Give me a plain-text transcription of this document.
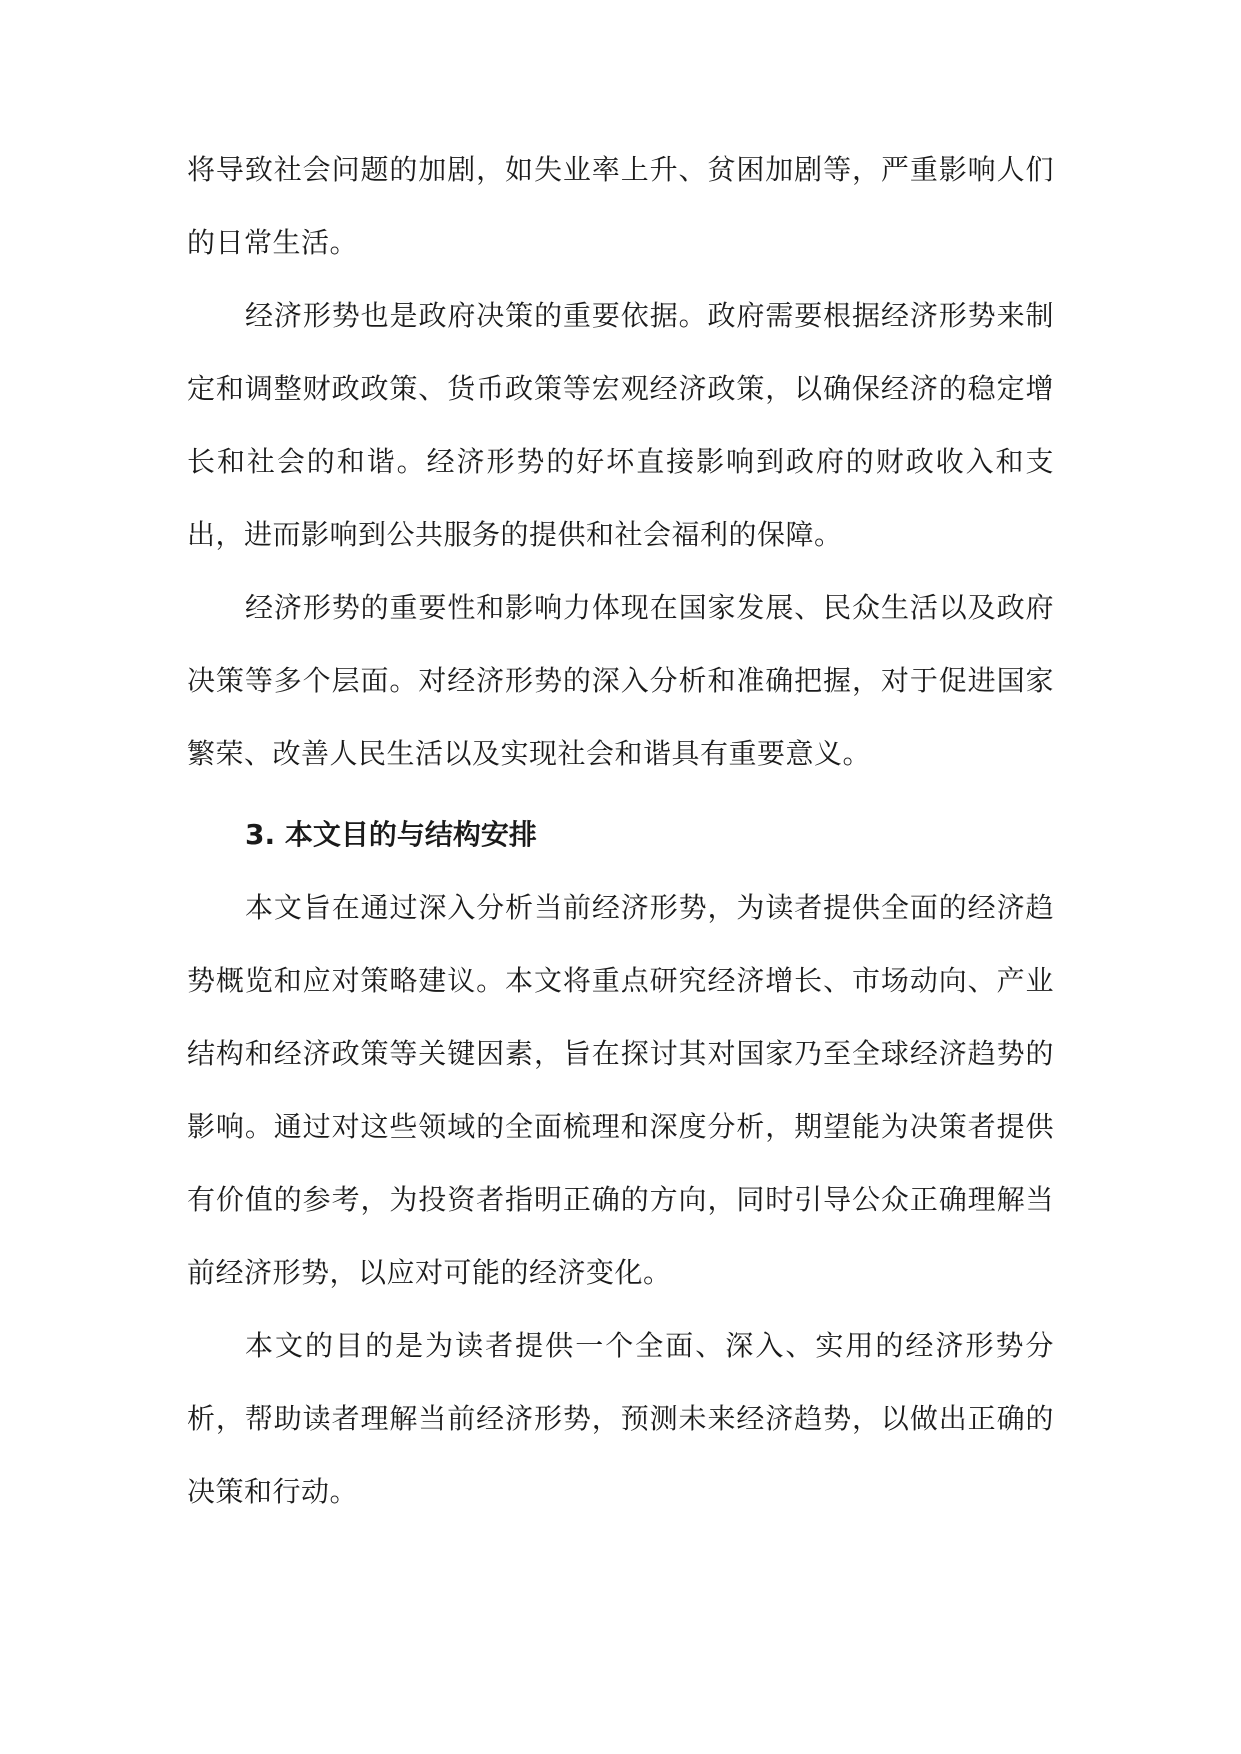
将导致社会问题的加剧，如失业率上升、贫困加剧等，严重影响人们的日常生活。

经济形势也是政府决策的重要依据。政府需要根据经济形势来制定和调整财政政策、货币政策等宏观经济政策，以确保经济的稳定增长和社会的和谐。经济形势的好坏直接影响到政府的财政收入和支出，进而影响到公共服务的提供和社会福利的保障。

经济形势的重要性和影响力体现在国家发展、民众生活以及政府决策等多个层面。对经济形势的深入分析和准确把握，对于促进国家繁荣、改善人民生活以及实现社会和谐具有重要意义。

3. 本文目的与结构安排

本文旨在通过深入分析当前经济形势，为读者提供全面的经济趋势概览和应对策略建议。本文将重点研究经济增长、市场动向、产业结构和经济政策等关键因素，旨在探讨其对国家乃至全球经济趋势的影响。通过对这些领域的全面梳理和深度分析，期望能为决策者提供有价值的参考，为投资者指明正确的方向，同时引导公众正确理解当前经济形势，以应对可能的经济变化。

本文的目的是为读者提供一个全面、深入、实用的经济形势分析，帮助读者理解当前经济形势，预测未来经济趋势，以做出正确的决策和行动。
